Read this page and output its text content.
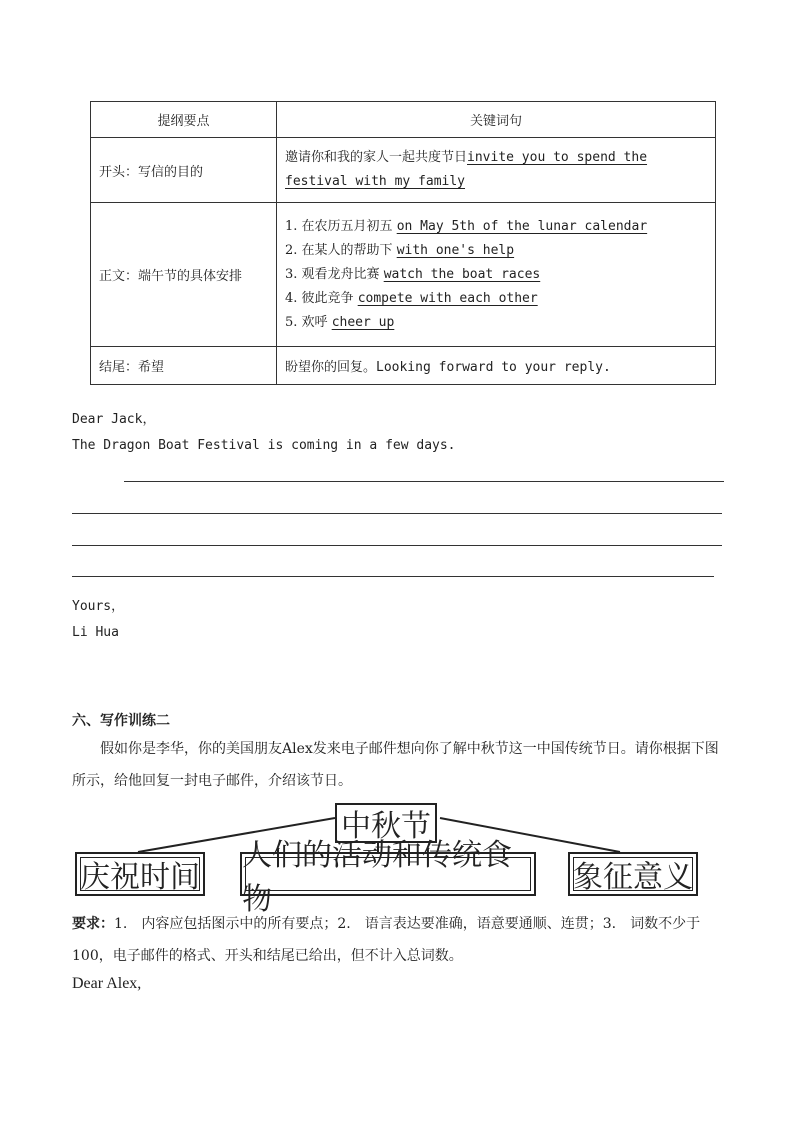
提纲要点	关键词句
开头：写信的目的	邀请你和我的家人一起共度节日invite you to spend the
festival with my family
正文：端午节的具体安排	1. 在农历五月初五 on May 5th of the lunar calendar
2. 在某人的帮助下 with one's help
3. 观看龙舟比赛 watch the boat races
4. 彼此竞争 compete with each other
5. 欢呼 cheer up

结尾：希望	盼望你的回复。Looking forward to your reply.
Dear Jack，
The Dragon Boat Festival is coming in a few days.
Yours，
Li Hua
六、写作训练二
假如你是李华，你的美国朋友Alex发来电子邮件想向你了解中秋节这一中国传统节日。请你根据下图所示，给他回复一封电子邮件，介绍该节日。
中秋节
庆祝时间
人们的活动和传统食物
象征意义
要求：1.　内容应包括图示中的所有要点；2.　语言表达要准确，语意要通顺、连贯；3.　词数不少于100，电子邮件的格式、开头和结尾已给出，但不计入总词数。
Dear Alex,
